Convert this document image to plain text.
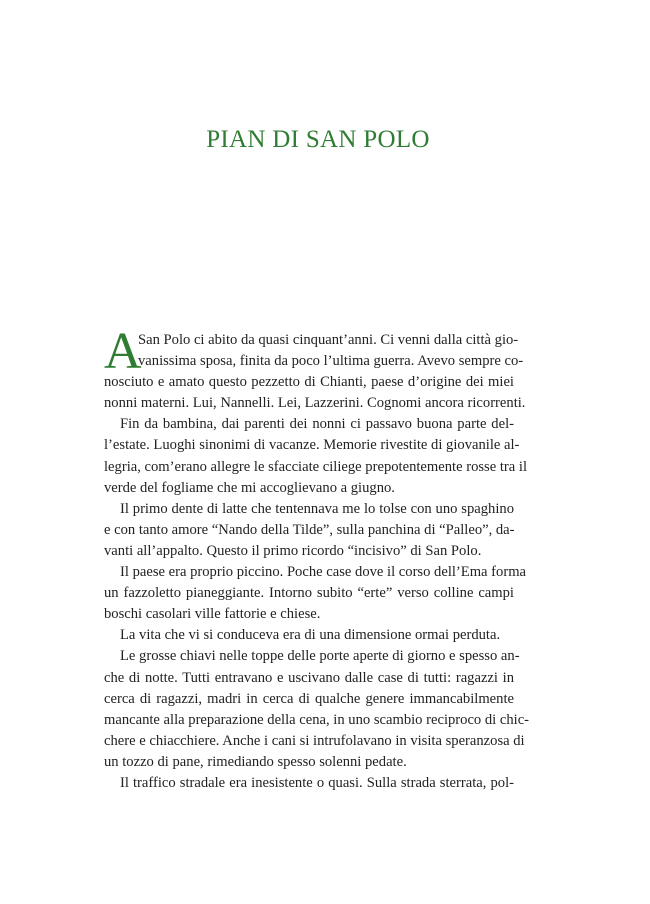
PIAN DI SAN POLO
A

San Polo ci abito da quasi cinquant’anni. Ci venni dalla città gio-
vanissima sposa, finita da poco l’ultima guerra. Avevo sempre co-
nosciuto e amato questo pezzetto di Chianti, paese d’origine dei miei
nonni materni. Lui, Nannelli. Lei, Lazzerini. Cognomi ancora ricorrenti.

Fin da bambina, dai parenti dei nonni ci passavo buona parte del-
l’estate. Luoghi sinonimi di vacanze. Memorie rivestite di giovanile al-
legria, com’erano allegre le sfacciate ciliege prepotentemente rosse tra il
verde del fogliame che mi accoglievano a giugno.

Il primo dente di latte che tentennava me lo tolse con uno spaghino
e con tanto amore “Nando della Tilde”, sulla panchina di “Palleo”, da-
vanti all’appalto. Questo il primo ricordo “incisivo” di San Polo.

Il paese era proprio piccino. Poche case dove il corso dell’Ema forma
un fazzoletto pianeggiante. Intorno subito “erte” verso colline campi
boschi casolari ville fattorie e chiese.

La vita che vi si conduceva era di una dimensione ormai perduta.

Le grosse chiavi nelle toppe delle porte aperte di giorno e spesso an-
che di notte. Tutti entravano e uscivano dalle case di tutti: ragazzi in
cerca di ragazzi, madri in cerca di qualche genere immancabilmente
mancante alla preparazione della cena, in uno scambio reciproco di chic-
chere e chiacchiere. Anche i cani si intrufolavano in visita speranzosa di
un tozzo di pane, rimediando spesso solenni pedate.

Il traffico stradale era inesistente o quasi. Sulla strada sterrata, pol-
